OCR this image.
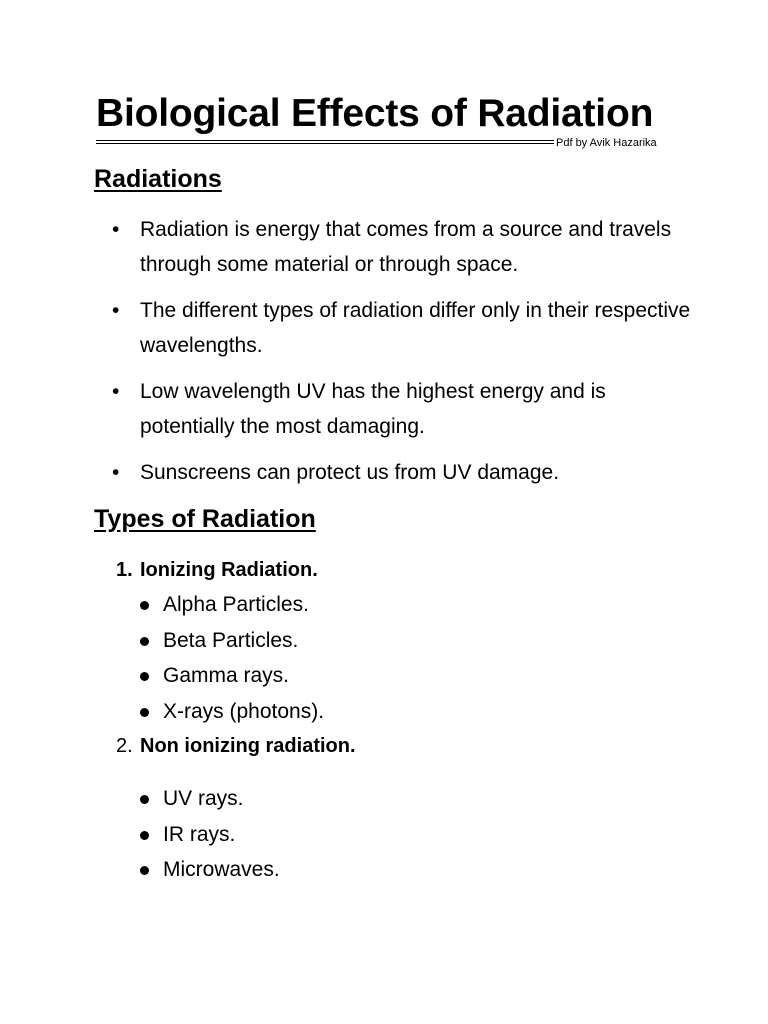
Biological Effects of Radiation
Pdf by Avik Hazarika
Radiations
• Radiation is energy that comes from a source and travels through some material or through space.
• The different types of radiation differ only in their respective wavelengths.
• Low wavelength UV has the highest energy and is potentially the most damaging.
• Sunscreens can protect us from UV damage.
Types of Radiation
1. Ionizing Radiation.
Alpha Particles.
Beta Particles.
Gamma rays.
X-rays (photons).
2. Non ionizing radiation.
UV rays.
IR rays.
Microwaves.
